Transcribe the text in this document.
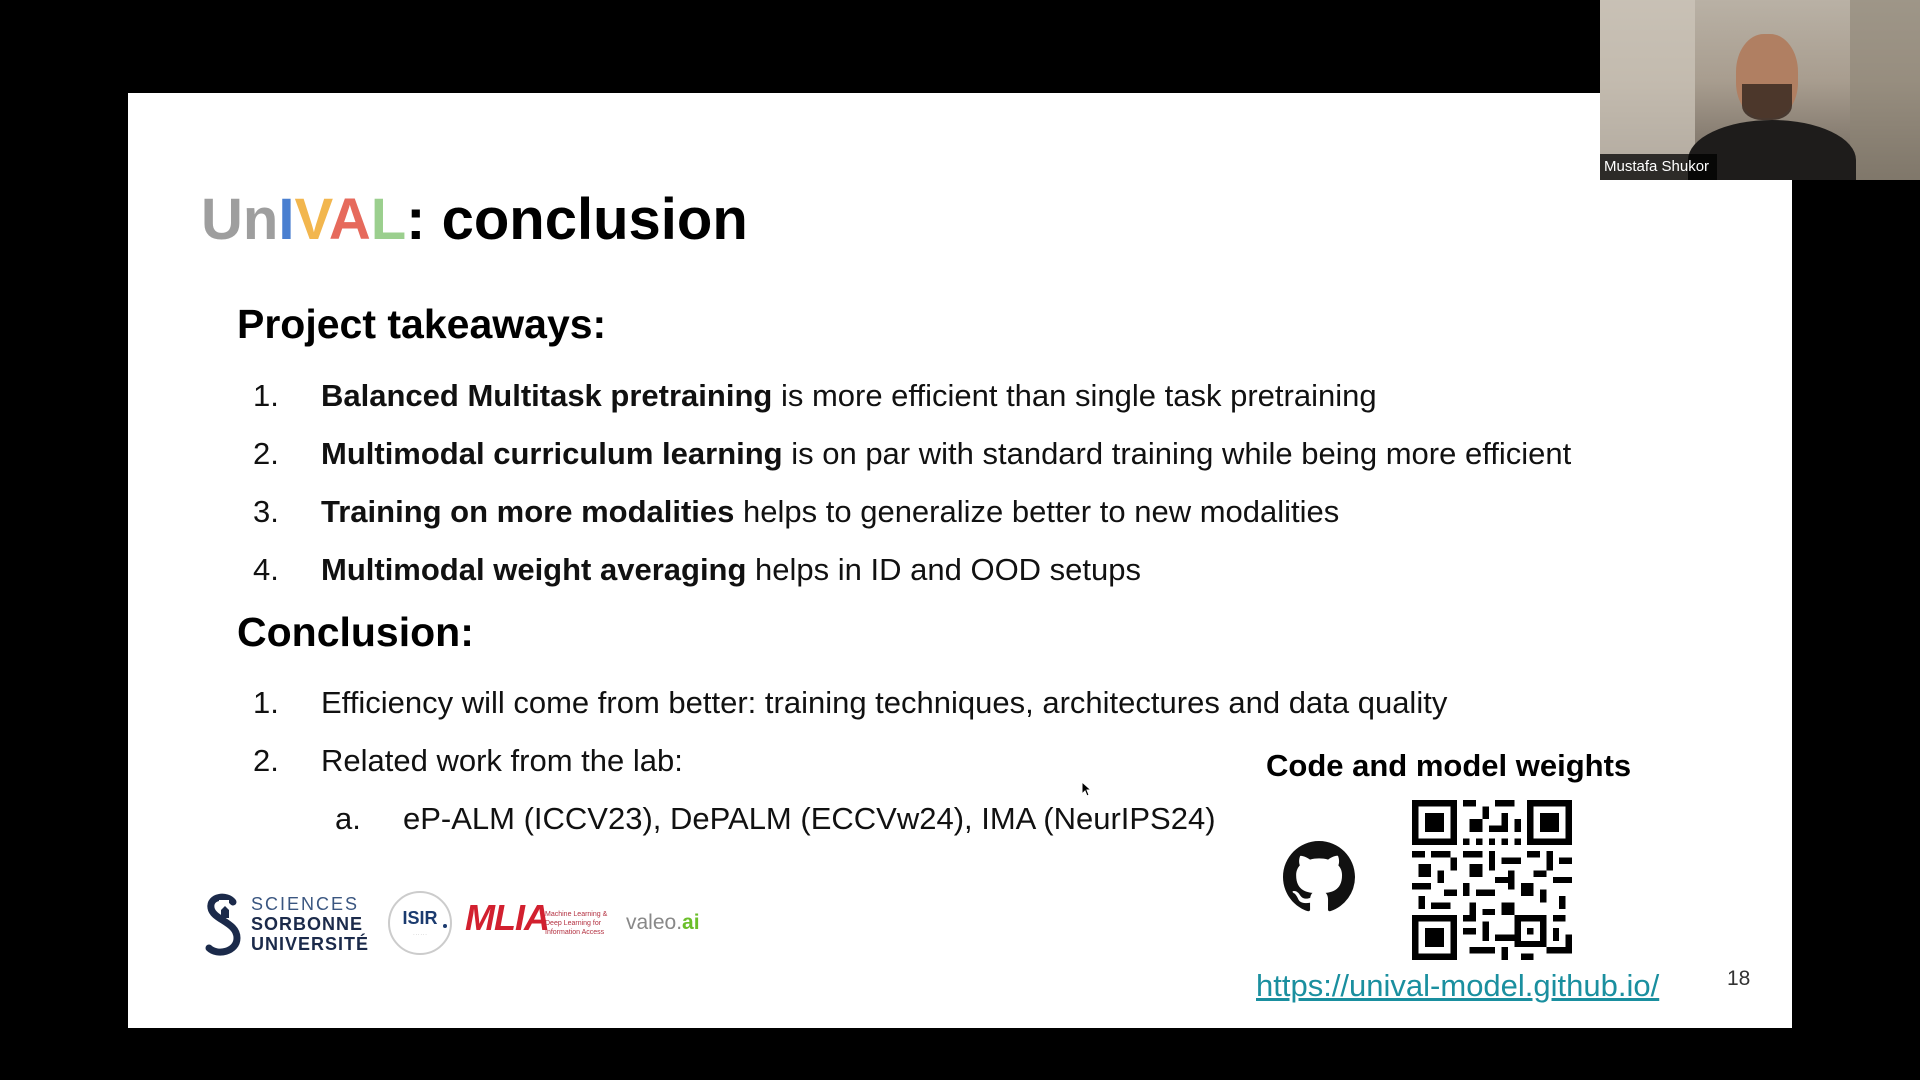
UnIVAL: conclusion
Project takeaways:
1. Balanced Multitask pretraining is more efficient than single task pretraining
2. Multimodal curriculum learning is on par with standard training while being more efficient
3. Training on more modalities helps to generalize better to new modalities
4. Multimodal weight averaging helps in ID and OOD setups
Conclusion:
1. Efficiency will come from better: training techniques, architectures and data quality
2. Related work from the lab:
a. eP-ALM (ICCV23), DePALM (ECCVw24), IMA (NeurIPS24)
Code and model weights
https://unival-model.github.io/	18
SCIENCES
SORBONNE
UNIVERSITÉ
ISIR
· · · · · · MLIA
Machine Learning & Deep Learning for Information Access	valeo.ai
Mustafa Shukor
